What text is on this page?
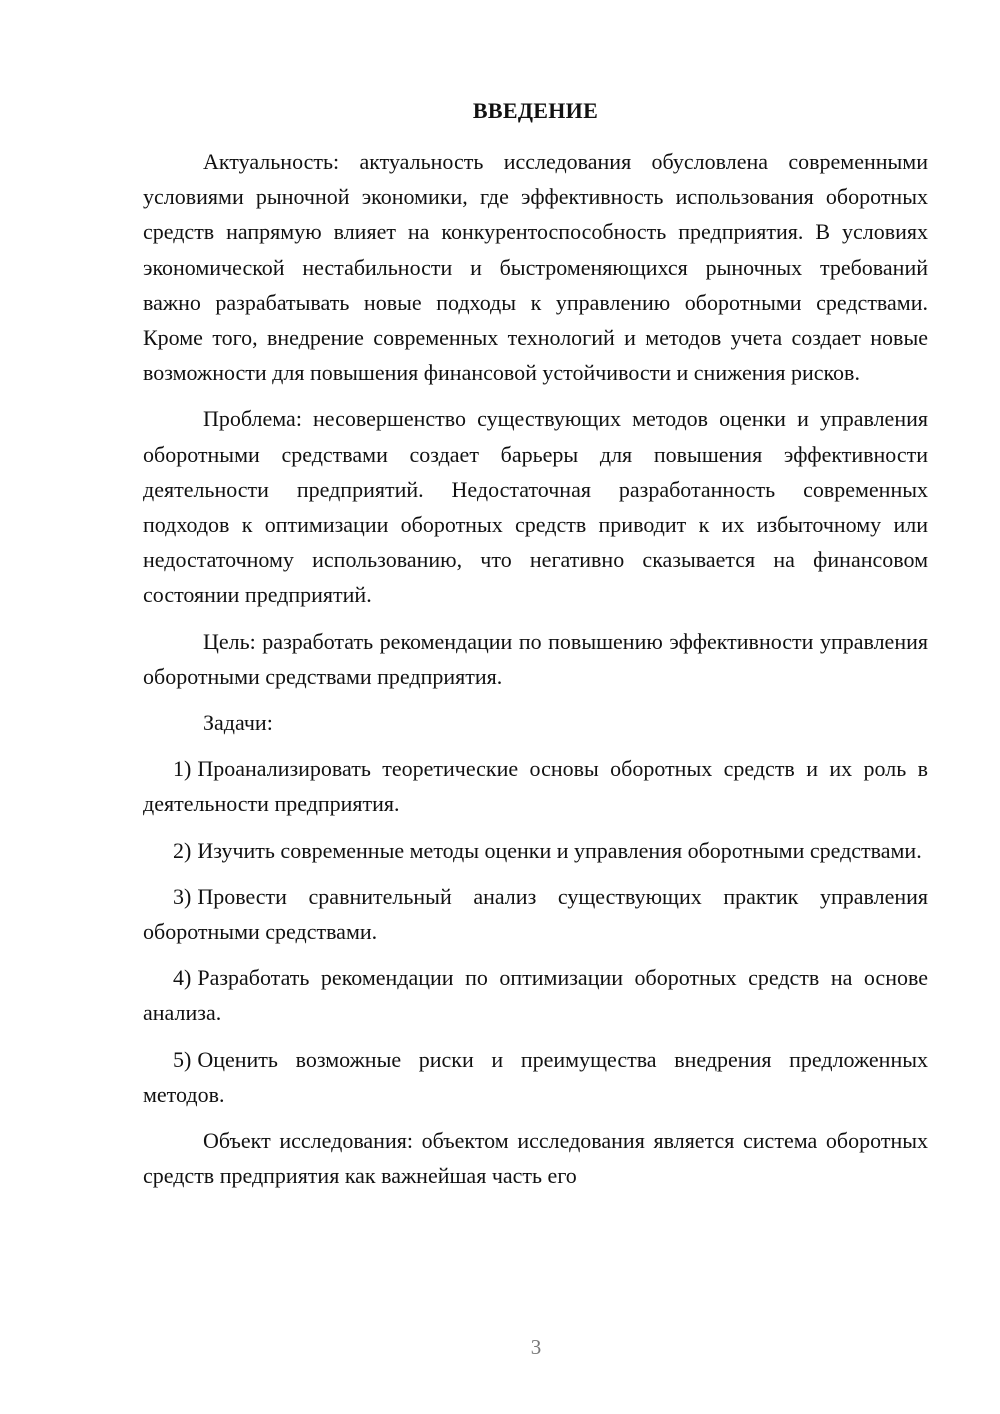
ВВЕДЕНИЕ

Актуальность: актуальность исследования обусловлена современными условиями рыночной экономики, где эффективность использования оборотных средств напрямую влияет на конкурентоспособность предприятия. В условиях экономической нестабильности и быстроменяющихся рыночных требований важно разрабатывать новые подходы к управлению оборотными средствами. Кроме того, внедрение современных технологий и методов учета создает новые возможности для повышения финансовой устойчивости и снижения рисков.

Проблема: несовершенство существующих методов оценки и управления оборотными средствами создает барьеры для повышения эффективности деятельности предприятий. Недостаточная разработанность современных подходов к оптимизации оборотных средств приводит к их избыточному или недостаточному использованию, что негативно сказывается на финансовом состоянии предприятий.

Цель: разработать рекомендации по повышению эффективности управления оборотными средствами предприятия.

Задачи:

1) Проанализировать теоретические основы оборотных средств и их роль в деятельности предприятия.

2) Изучить современные методы оценки и управления оборотными средствами.

3) Провести сравнительный анализ существующих практик управления оборотными средствами.

4) Разработать рекомендации по оптимизации оборотных средств на основе анализа.

5) Оценить возможные риски и преимущества внедрения предложенных методов.

Объект исследования: объектом исследования является система оборотных средств предприятия как важнейшая часть его

3
